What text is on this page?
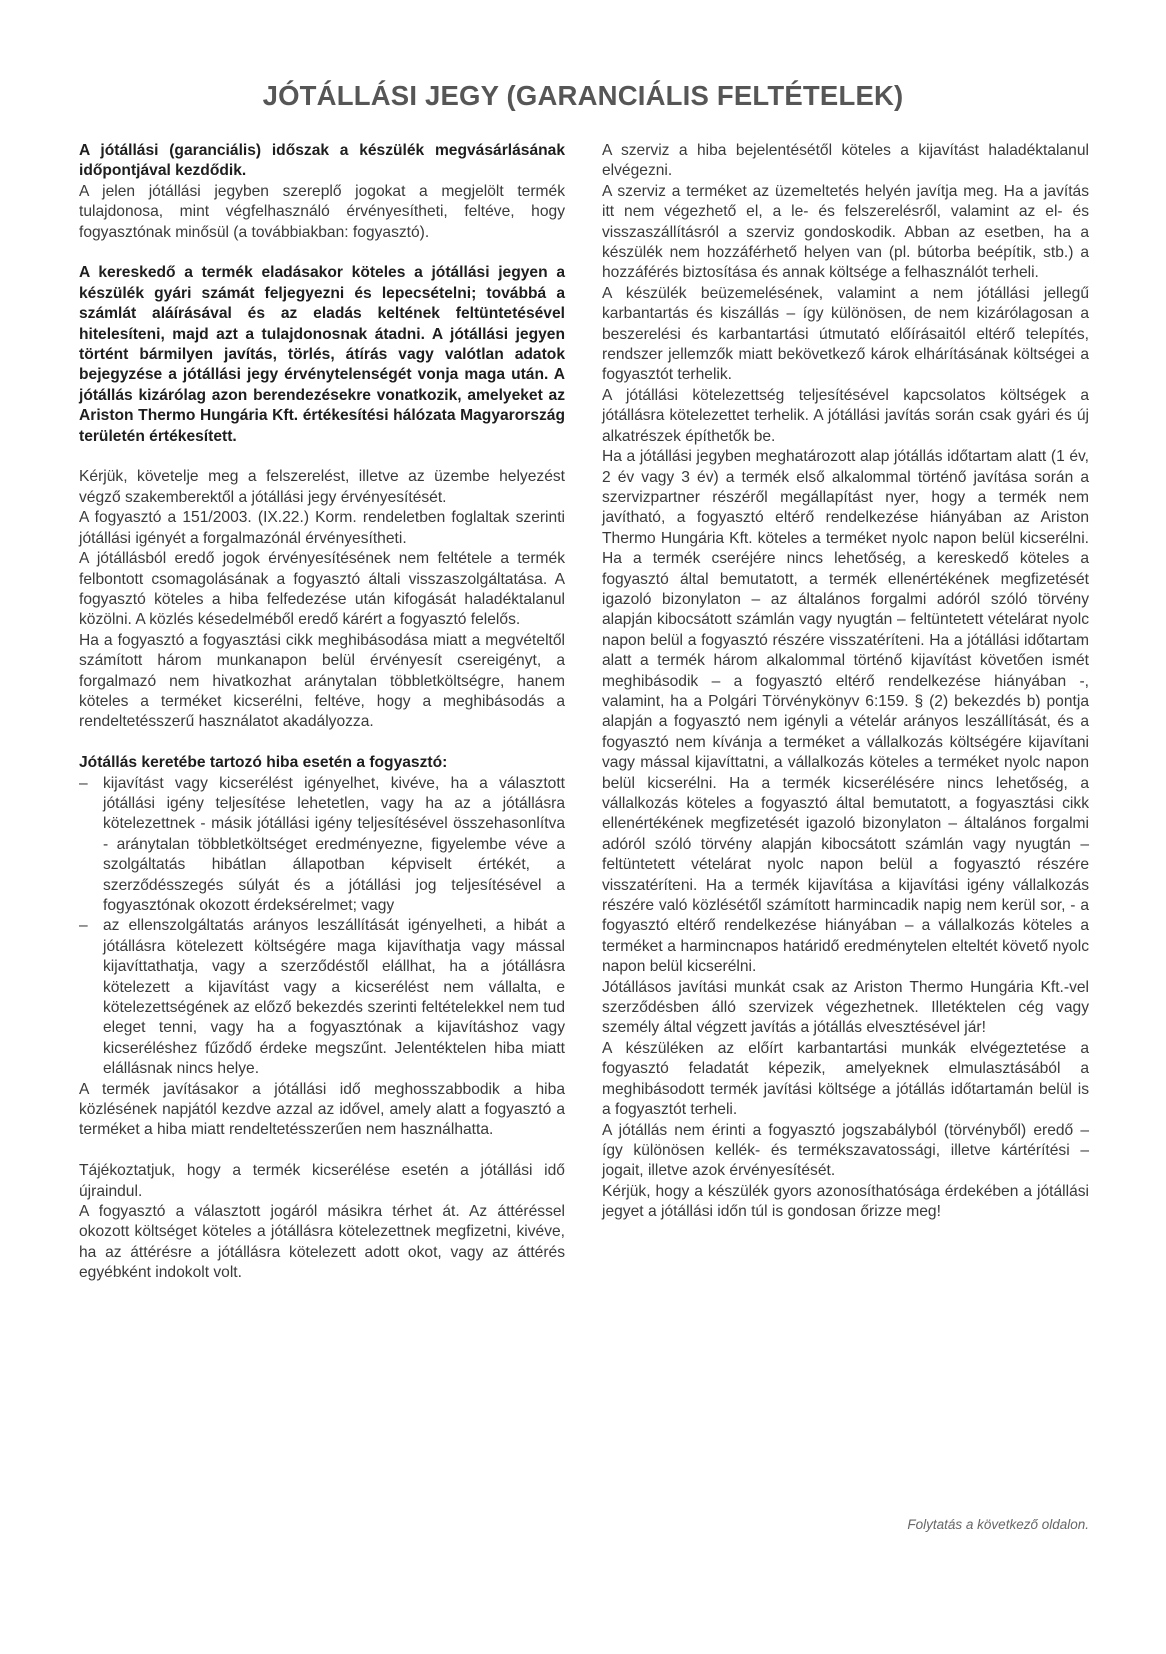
JÓTÁLLÁSI JEGY (GARANCIÁLIS FELTÉTELEK)

A jótállási (garanciális) időszak a készülék megvásárlásának időpontjával kezdődik.

A jelen jótállási jegyben szereplő jogokat a megjelölt termék tulajdonosa, mint végfelhasználó érvényesítheti, feltéve, hogy fogyasztónak minősül (a továbbiakban: fogyasztó).

A kereskedő a termék eladásakor köteles a jótállási jegyen a készülék gyári számát feljegyezni és lepecsételni; továbbá a számlát aláírásával és az eladás keltének feltüntetésével hitelesíteni, majd azt a tulajdonosnak átadni. A jótállási jegyen történt bármilyen javítás, törlés, átírás vagy valótlan adatok bejegyzése a jótállási jegy érvénytelenségét vonja maga után. A jótállás kizárólag azon berendezésekre vonatkozik, amelyeket az Ariston Thermo Hungária Kft. értékesítési hálózata Magyarország területén értékesített.

Kérjük, követelje meg a felszerelést, illetve az üzembe helyezést végző szakemberektől a jótállási jegy érvényesítését.

A fogyasztó a 151/2003. (IX.22.) Korm. rendeletben foglaltak szerinti jótállási igényét a forgalmazónál érvényesítheti.

A jótállásból eredő jogok érvényesítésének nem feltétele a termék felbontott csomagolásának a fogyasztó általi visszaszolgáltatása. A fogyasztó köteles a hiba felfedezése után kifogását haladéktalanul közölni. A közlés késedelméből eredő kárért a fogyasztó felelős.

Ha a fogyasztó a fogyasztási cikk meghibásodása miatt a megvételtől számított három munkanapon belül érvényesít csereigényt, a forgalmazó nem hivatkozhat aránytalan többletköltségre, hanem köteles a terméket kicserélni, feltéve, hogy a meghibásodás a rendeltetésszerű használatot akadályozza.

Jótállás keretébe tartozó hiba esetén a fogyasztó:

– kijavítást vagy kicserélést igényelhet, kivéve, ha a választott jótállási igény teljesítése lehetetlen, vagy ha az a jótállásra kötelezettnek - másik jótállási igény teljesítésével összehasonlítva - aránytalan többletköltséget eredményezne, figyelembe véve a szolgáltatás hibátlan állapotban képviselt értékét, a szerződésszegés súlyát és a jótállási jog teljesítésével a fogyasztónak okozott érdeksérelmet; vagy
– az ellenszolgáltatás arányos leszállítását igényelheti, a hibát a jótállásra kötelezett költségére maga kijavíthatja vagy mással kijavíttathatja, vagy a szerződéstől elállhat, ha a jótállásra kötelezett a kijavítást vagy a kicserélést nem vállalta, e kötelezettségének az előző bekezdés szerinti feltételekkel nem tud eleget tenni, vagy ha a fogyasztónak a kijavításhoz vagy kicseréléshez fűződő érdeke megszűnt. Jelentéktelen hiba miatt elállásnak nincs helye.

A termék javításakor a jótállási idő meghosszabbodik a hiba közlésének napjától kezdve azzal az idővel, amely alatt a fogyasztó a terméket a hiba miatt rendeltetésszerűen nem használhatta.

Tájékoztatjuk, hogy a termék kicserélése esetén a jótállási idő újraindul.

A fogyasztó a választott jogáról másikra térhet át. Az áttéréssel okozott költséget köteles a jótállásra kötelezettnek megfizetni, kivéve, ha az áttérésre a jótállásra kötelezett adott okot, vagy az áttérés egyébként indokolt volt.

A szerviz a hiba bejelentésétől köteles a kijavítást haladéktalanul elvégezni.

A szerviz a terméket az üzemeltetés helyén javítja meg. Ha a javítás itt nem végezhető el, a le- és felszerelésről, valamint az el- és visszaszállításról a szerviz gondoskodik. Abban az esetben, ha a készülék nem hozzáférhető helyen van (pl. bútorba beépítik, stb.) a hozzáférés biztosítása és annak költsége a felhasználót terheli.

A készülék beüzemelésének, valamint a nem jótállási jellegű karbantartás és kiszállás – így különösen, de nem kizárólagosan a beszerelési és karbantartási útmutató előírásaitól eltérő telepítés, rendszer jellemzők miatt bekövetkező károk elhárításának költségei a fogyasztót terhelik.

A jótállási kötelezettség teljesítésével kapcsolatos költségek a jótállásra kötelezettet terhelik. A jótállási javítás során csak gyári és új alkatrészek építhetők be.

Ha a jótállási jegyben meghatározott alap jótállás időtartam alatt (1 év, 2 év vagy 3 év) a termék első alkalommal történő javítása során a szervizpartner részéről megállapítást nyer, hogy a termék nem javítható, a fogyasztó eltérő rendelkezése hiányában az Ariston Thermo Hungária Kft. köteles a terméket nyolc napon belül kicserélni. Ha a termék cseréjére nincs lehetőség, a kereskedő köteles a fogyasztó által bemutatott, a termék ellenértékének megfizetését igazoló bizonylaton – az általános forgalmi adóról szóló törvény alapján kibocsátott számlán vagy nyugtán – feltüntetett vételárat nyolc napon belül a fogyasztó részére visszatéríteni. Ha a jótállási időtartam alatt a termék három alkalommal történő kijavítást követően ismét meghibásodik – a fogyasztó eltérő rendelkezése hiányában -, valamint, ha a Polgári Törvénykönyv 6:159. § (2) bekezdés b) pontja alapján a fogyasztó nem igényli a vételár arányos leszállítását, és a fogyasztó nem kívánja a terméket a vállalkozás költségére kijavítani vagy mással kijavíttatni, a vállalkozás köteles a terméket nyolc napon belül kicserélni. Ha a termék kicserélésére nincs lehetőség, a vállalkozás köteles a fogyasztó által bemutatott, a fogyasztási cikk ellenértékének megfizetését igazoló bizonylaton – általános forgalmi adóról szóló törvény alapján kibocsátott számlán vagy nyugtán – feltüntetett vételárat nyolc napon belül a fogyasztó részére visszatéríteni. Ha a termék kijavítása a kijavítási igény vállalkozás részére való közlésétől számított harmincadik napig nem kerül sor, - a fogyasztó eltérő rendelkezése hiányában – a vállalkozás köteles a terméket a harmincnapos határidő eredménytelen elteltét követő nyolc napon belül kicserélni.

Jótállásos javítási munkát csak az Ariston Thermo Hungária Kft.-vel szerződésben álló szervizek végezhetnek. Illetéktelen cég vagy személy által végzett javítás a jótállás elvesztésével jár!

A készüléken az előírt karbantartási munkák elvégeztetése a fogyasztó feladatát képezik, amelyeknek elmulasztásából a meghibásodott termék javítási költsége a jótállás időtartamán belül is a fogyasztót terheli.

A jótállás nem érinti a fogyasztó jogszabályból (törvényből) eredő – így különösen kellék- és termékszavatossági, illetve kártérítési – jogait, illetve azok érvényesítését.

Kérjük, hogy a készülék gyors azonosíthatósága érdekében a jótállási jegyet a jótállási időn túl is gondosan őrizze meg!

Folytatás a következő oldalon.
